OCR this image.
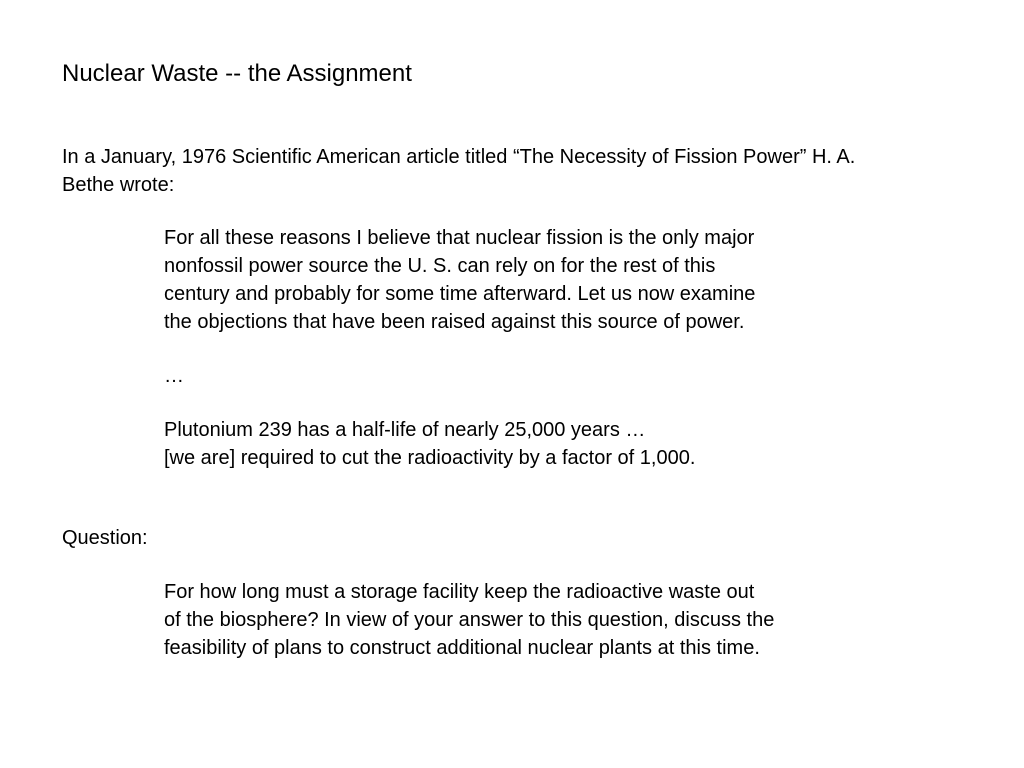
Nuclear Waste -- the Assignment
In a January, 1976 Scientific American article titled “The Necessity of Fission Power” H. A.
Bethe wrote:
For all these reasons I believe that nuclear fission is the only major
nonfossil power source the U. S. can rely on for the rest of this
century and probably for some time afterward. Let us now examine
the objections that have been raised against this source of power.
…
Plutonium 239 has a half-life of nearly 25,000 years …
[we are] required to cut the radioactivity by a factor of 1,000.
Question:
For how long must a storage facility keep the radioactive waste out
of the biosphere? In view of your answer to this question, discuss the
feasibility of plans to construct additional nuclear plants at this time.
